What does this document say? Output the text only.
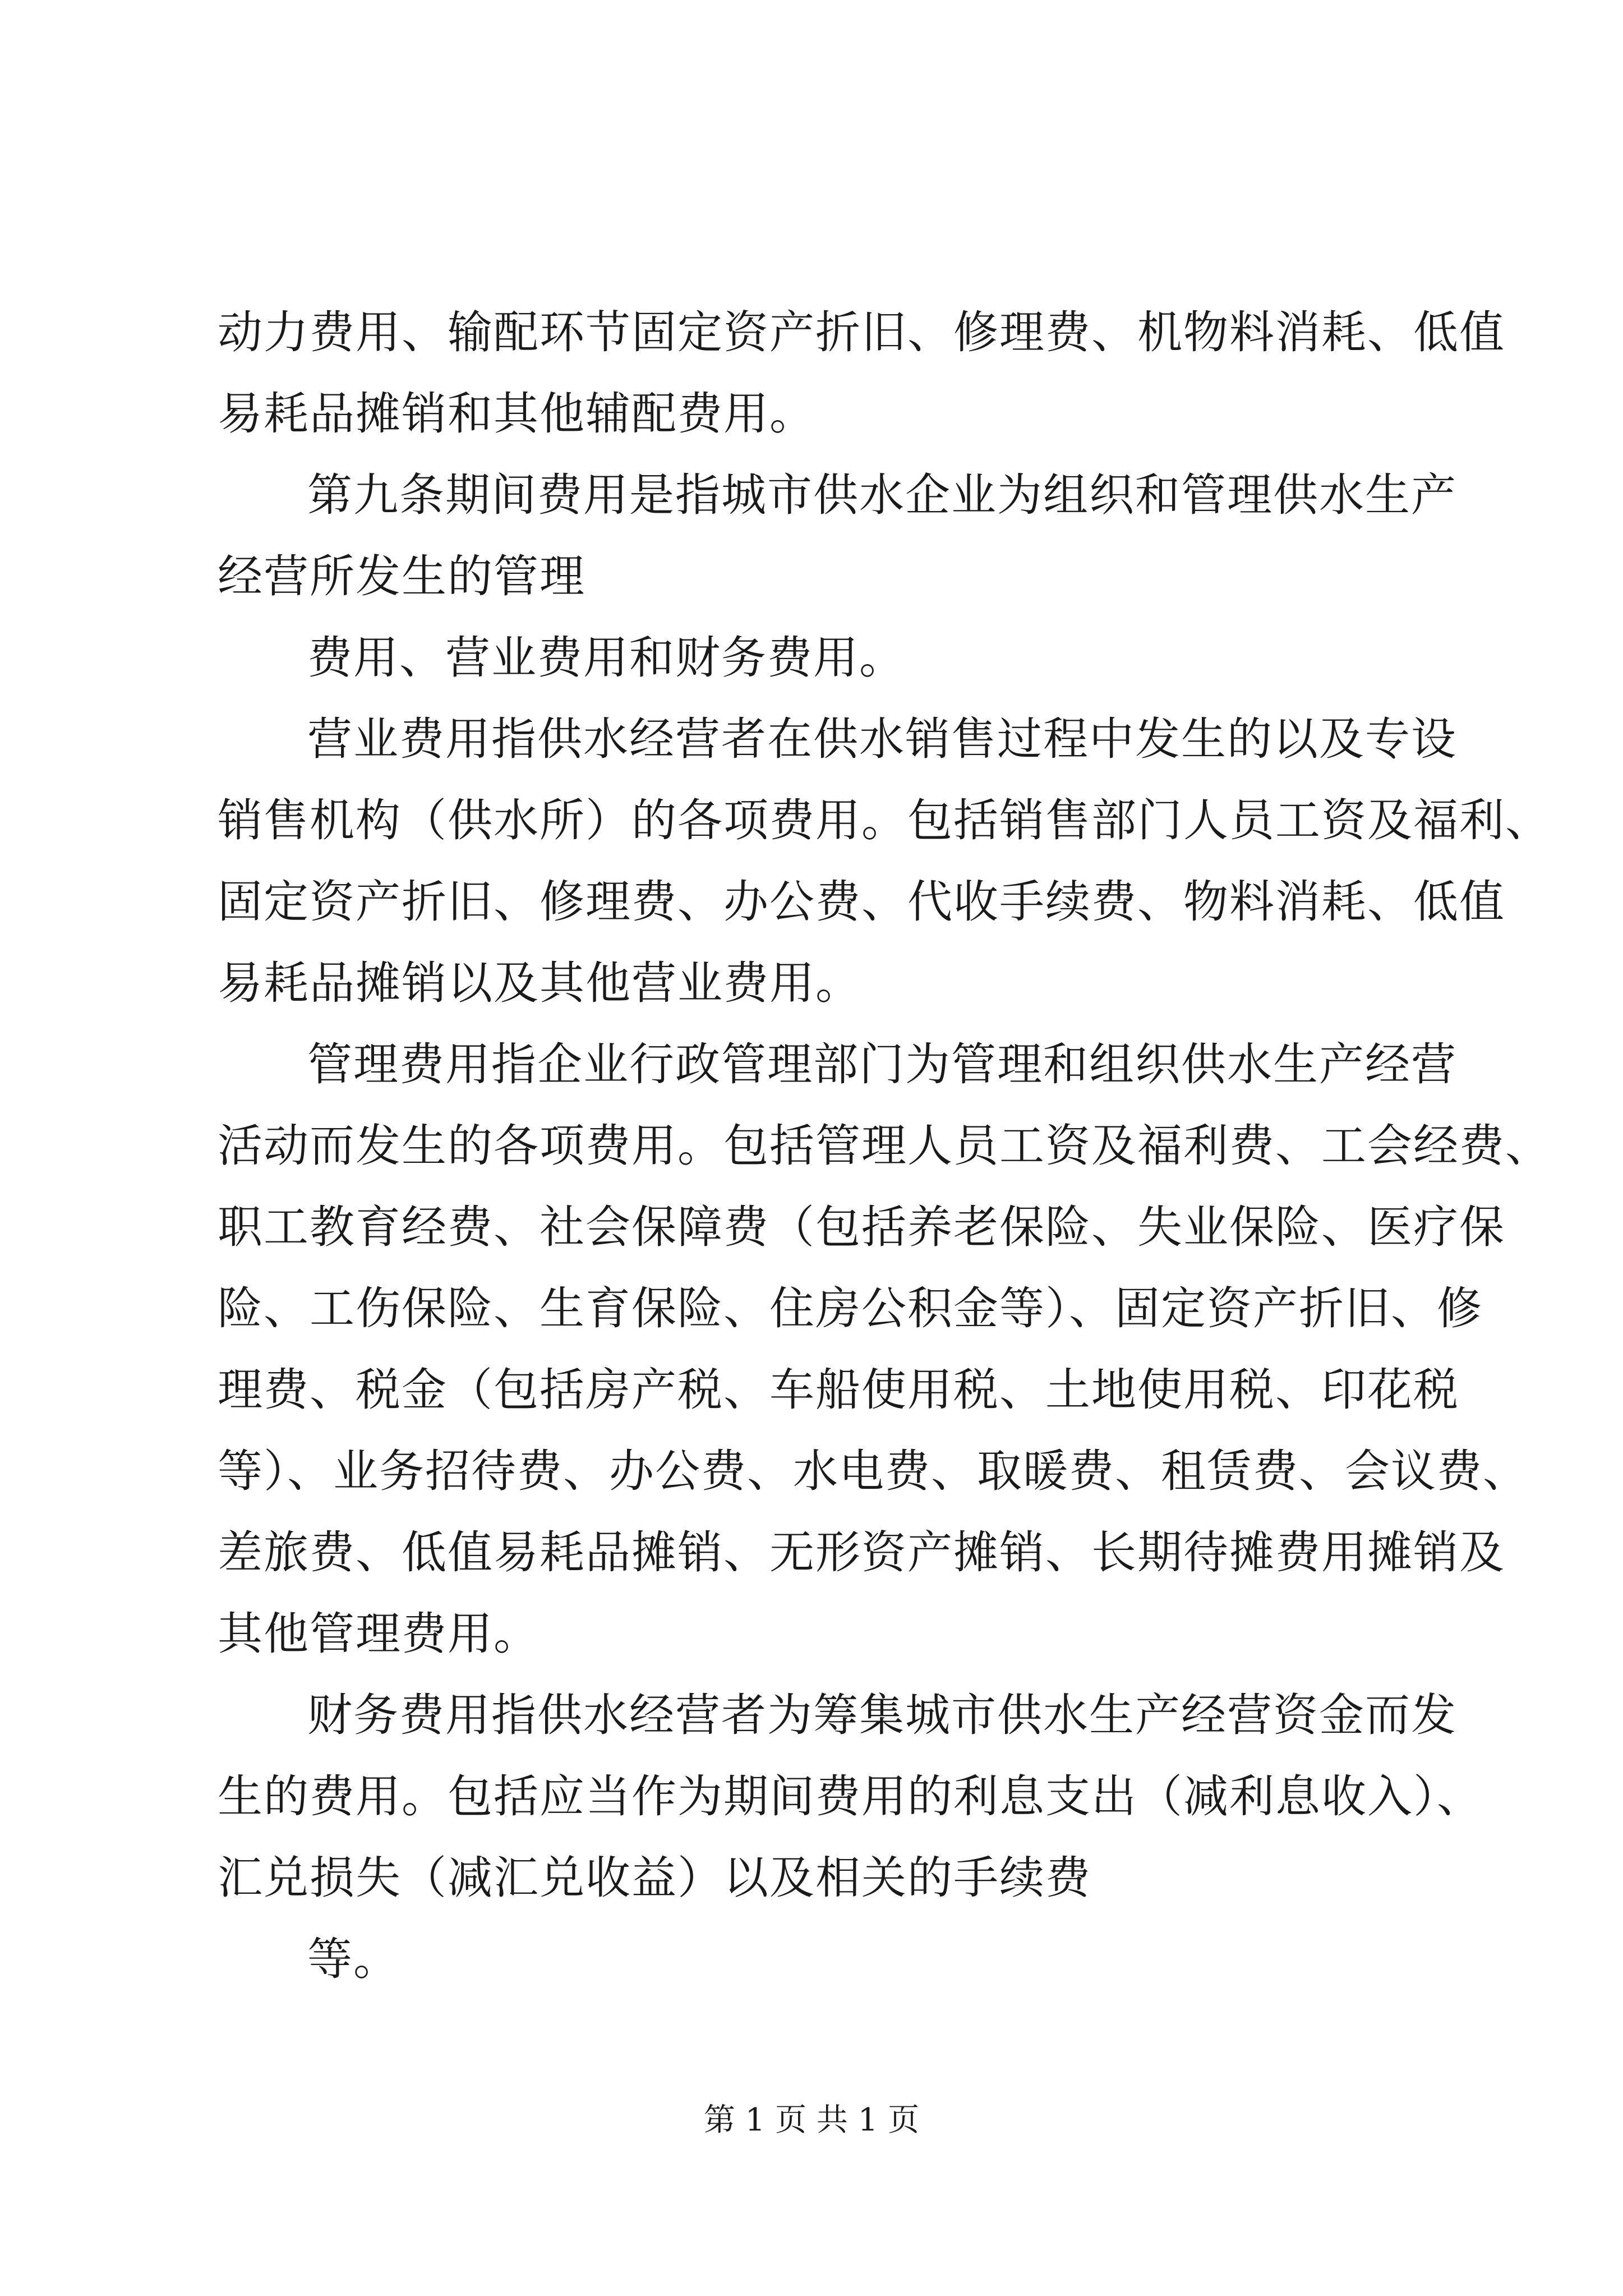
动力费用、输配环节固定资产折旧、修理费、机物料消耗、低值
易耗品摊销和其他辅配费用。
第九条期间费用是指城市供水企业为组织和管理供水生产
经营所发生的管理
费用、营业费用和财务费用。
营业费用指供水经营者在供水销售过程中发生的以及专设
销售机构（供水所）的各项费用。包括销售部门人员工资及福利、
固定资产折旧、修理费、办公费、代收手续费、物料消耗、低值
易耗品摊销以及其他营业费用。
管理费用指企业行政管理部门为管理和组织供水生产经营
活动而发生的各项费用。包括管理人员工资及福利费、工会经费、
职工教育经费、社会保障费（包括养老保险、失业保险、医疗保
险、工伤保险、生育保险、住房公积金等）、固定资产折旧、修
理费、税金（包括房产税、车船使用税、土地使用税、印花税
等）、业务招待费、办公费、水电费、取暖费、租赁费、会议费、
差旅费、低值易耗品摊销、无形资产摊销、长期待摊费用摊销及
其他管理费用。
财务费用指供水经营者为筹集城市供水生产经营资金而发
生的费用。包括应当作为期间费用的利息支出（减利息收入）、
汇兑损失（减汇兑收益）以及相关的手续费
等。
第 1 页 共 1 页
